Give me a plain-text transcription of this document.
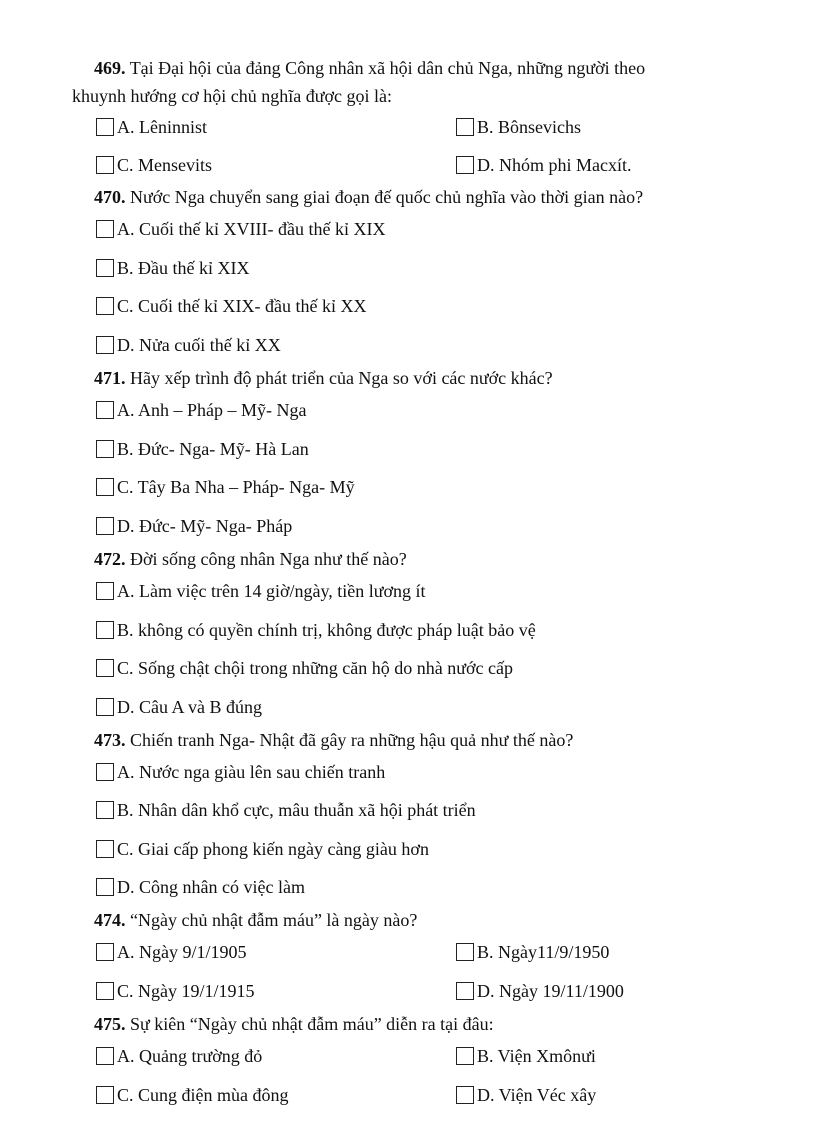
469. Tại Đại hội của đảng Công nhân xã hội dân chủ Nga, những người theo
khuynh hướng cơ hội chủ nghĩa được gọi là:
A. Lêninnist	B. Bônsevichs
C. Mensevits	D. Nhóm phi Macxít.
470. Nước Nga chuyển sang giai đoạn đế quốc chủ nghĩa vào thời gian nào?
A. Cuối thế kỉ XVIII- đầu thế kỉ XIX
B. Đầu thế kỉ XIX
C. Cuối thế kỉ XIX- đầu thế kỉ XX
D. Nửa cuối thế kỉ XX
471. Hãy xếp trình độ phát triển của Nga so với các nước khác?
A. Anh – Pháp – Mỹ- Nga
B. Đức- Nga- Mỹ- Hà Lan
C. Tây Ba Nha – Pháp- Nga- Mỹ
D. Đức- Mỹ- Nga- Pháp
472. Đời sống công nhân Nga như thế nào?
A. Làm việc trên 14 giờ/ngày, tiền lương ít
B. không có quyền chính trị, không được pháp luật bảo vệ
C. Sống chật chội trong những căn hộ do nhà nước cấp
D. Câu A và B đúng
473. Chiến tranh Nga- Nhật đã gây ra những hậu quả như thế nào?
A. Nước nga giàu lên sau chiến tranh
B. Nhân dân khổ cực, mâu thuẫn xã hội phát triển
C. Giai cấp phong kiến ngày càng giàu hơn
D. Công nhân có việc làm
474. “Ngày chủ nhật đẫm máu” là ngày nào?
A. Ngày 9/1/1905	B. Ngày11/9/1950
C. Ngày 19/1/1915	D. Ngày 19/11/1900
475. Sự kiên “Ngày chủ nhật đẫm máu” diễn ra tại đâu:
A. Quảng trường đỏ	B. Viện Xmônưi
C. Cung điện mùa đông	D. Viện Véc xây
